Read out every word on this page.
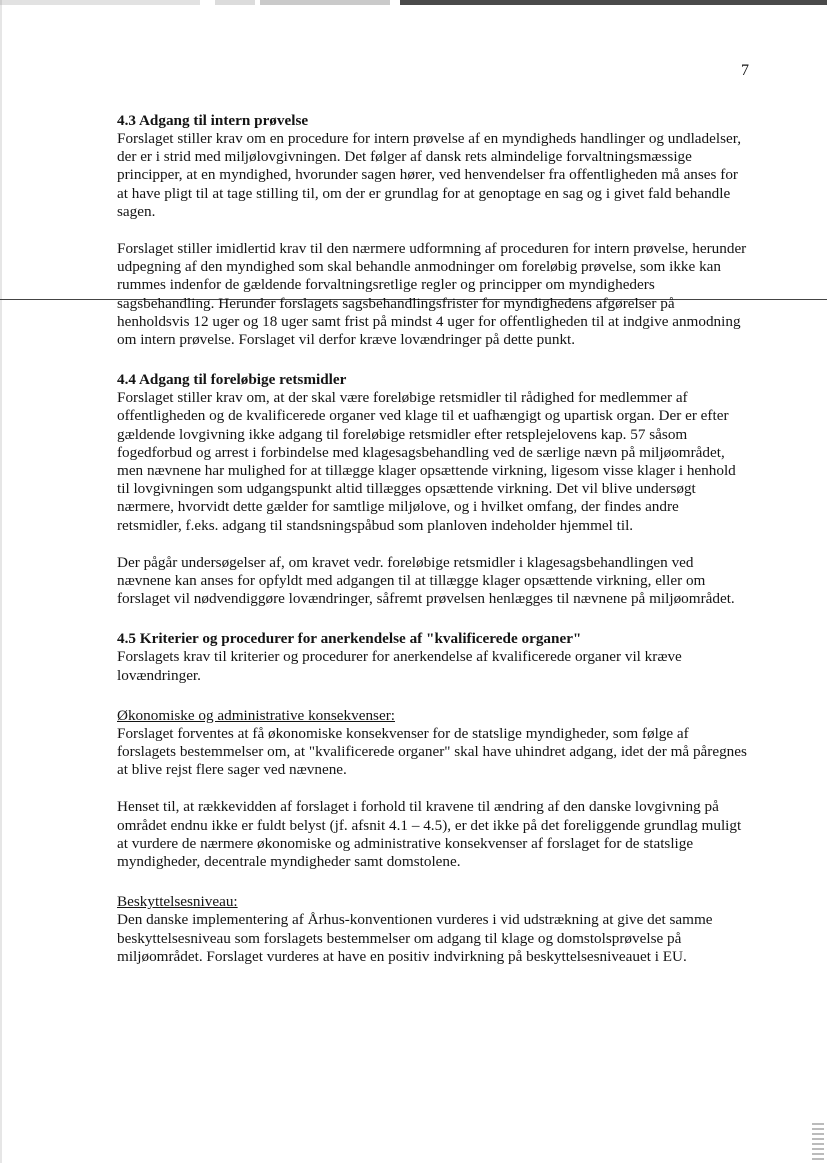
7
4.3 Adgang til intern prøvelse

Forslaget stiller krav om en procedure for intern prøvelse af en myndigheds handlinger og undladelser, der er i strid med miljølovgivningen. Det følger af dansk rets almindelige forvaltningsmæssige principper, at en myndighed, hvorunder sagen hører, ved henvendelser fra offentligheden må anses for at have pligt til at tage stilling til, om der er grundlag for at genoptage en sag og i givet fald behandle sagen.

Forslaget stiller imidlertid krav til den nærmere udformning af proceduren for intern prøvelse, herunder udpegning af den myndighed som skal behandle anmodninger om foreløbig prøvelse, som ikke kan rummes indenfor de gældende forvaltningsretlige regler og principper om myndigheders sagsbehandling. Herunder forslagets sagsbehandlingsfrister for myndighedens afgørelser på henholdsvis 12 uger og 18 uger samt frist på mindst 4 uger for offentligheden til at indgive anmodning om intern prøvelse. Forslaget vil derfor kræve lovændringer på dette punkt.

4.4 Adgang til foreløbige retsmidler

Forslaget stiller krav om, at der skal være foreløbige retsmidler til rådighed for medlemmer af offentligheden og de kvalificerede organer ved klage til et uafhængigt og upartisk organ. Der er efter gældende lovgivning ikke adgang til foreløbige retsmidler efter retsplejelovens kap. 57 såsom fogedforbud og arrest i forbindelse med klagesagsbehandling ved de særlige nævn på miljøområdet, men nævnene har mulighed for at tillægge klager opsættende virkning, ligesom visse klager i henhold til lovgivningen som udgangspunkt altid tillægges opsættende virkning. Det vil blive undersøgt nærmere, hvorvidt dette gælder for samtlige miljølove, og i hvilket omfang, der findes andre retsmidler, f.eks. adgang til standsningspåbud som planloven indeholder hjemmel til.

Der pågår undersøgelser af, om kravet vedr. foreløbige retsmidler i klagesagsbehandlingen ved nævnene kan anses for opfyldt med adgangen til at tillægge klager opsættende virkning, eller om forslaget vil nødvendiggøre lovændringer, såfremt prøvelsen henlægges til nævnene på miljøområdet.

4.5 Kriterier og procedurer for anerkendelse af "kvalificerede organer"

Forslagets krav til kriterier og procedurer for anerkendelse af kvalificerede organer vil kræve lovændringer.

Økonomiske og administrative konsekvenser:

Forslaget forventes at få økonomiske konsekvenser for de statslige myndigheder, som følge af forslagets bestemmelser om, at "kvalificerede organer" skal have uhindret adgang, idet der må påregnes at blive rejst flere sager ved nævnene.

Henset til, at rækkevidden af forslaget i forhold til kravene til ændring af den danske lovgivning på området endnu ikke er fuldt belyst (jf. afsnit 4.1 – 4.5), er det ikke på det foreliggende grundlag muligt at vurdere de nærmere økonomiske og administrative konsekvenser af forslaget for de statslige myndigheder, decentrale myndigheder samt domstolene.

Beskyttelsesniveau:

Den danske implementering af Århus-konventionen vurderes i vid udstrækning at give det samme beskyttelsesniveau som forslagets bestemmelser om adgang til klage og domstolsprøvelse på miljøområdet. Forslaget vurderes at have en positiv indvirkning på beskyttelsesniveauet i EU.
